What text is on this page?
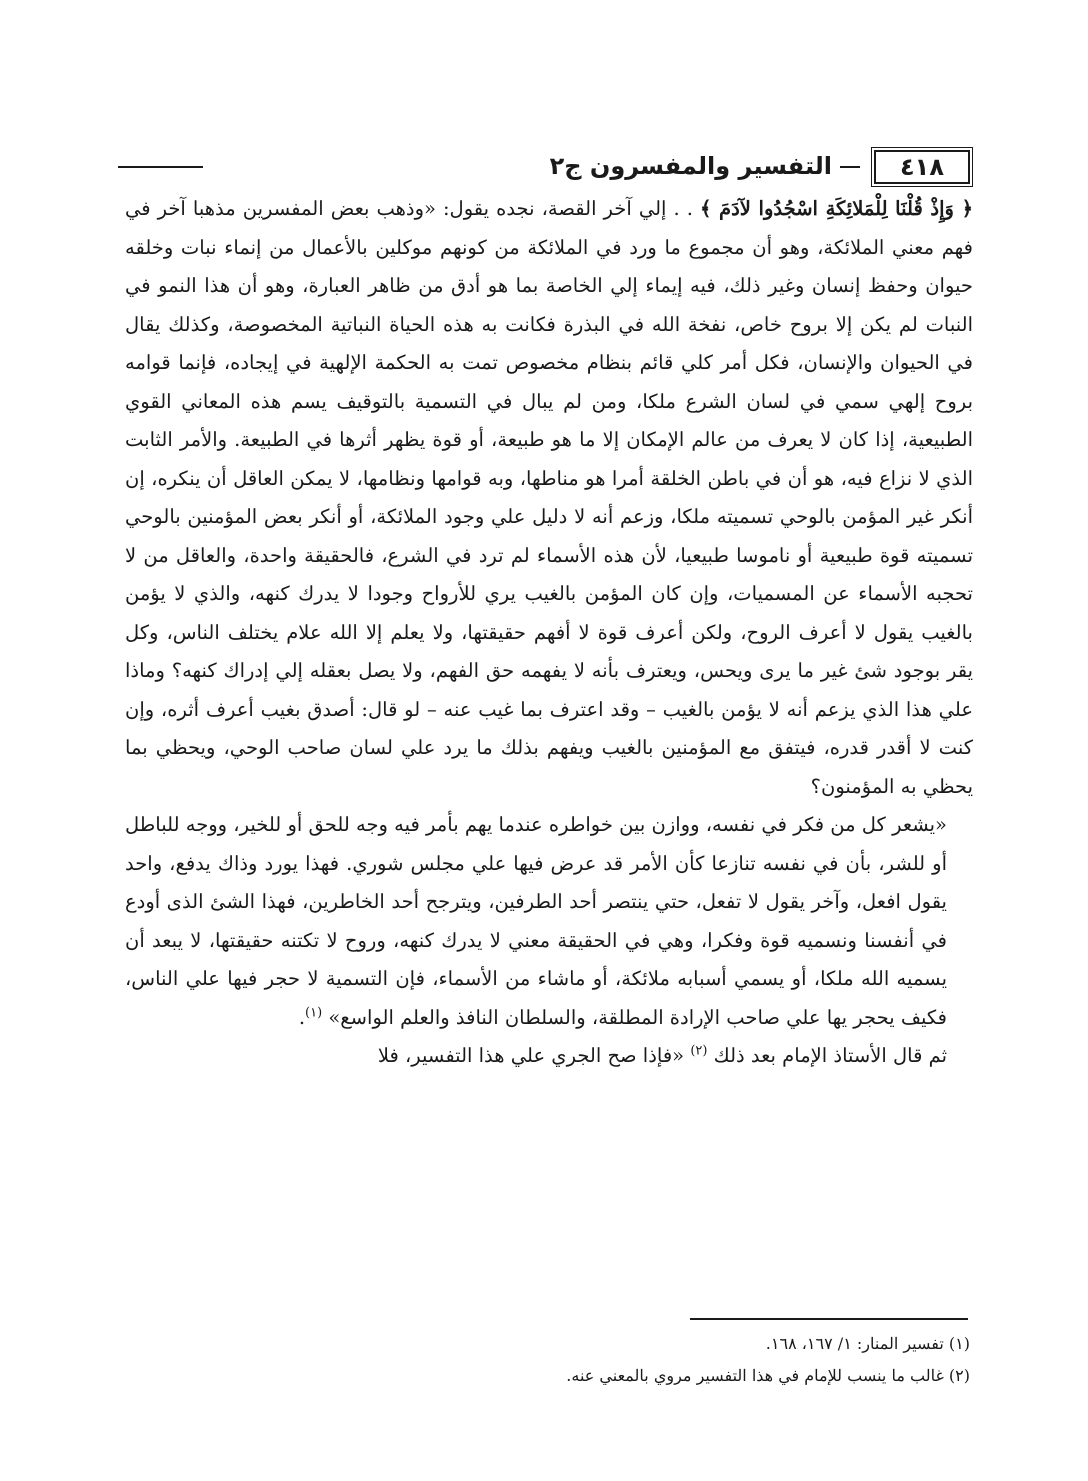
٤١٨
التفسير والمفسرون ج٢

﴿ وَإِذْ قُلْنَا لِلْمَلائِكَةِ اسْجُدُوا لآدَمَ ﴾ . . إلي آخر القصة، نجده يقول: «وذهب بعض المفسرين مذهبا آخر في فهم معني الملائكة، وهو أن مجموع ما ورد في الملائكة من كونهم موكلين بالأعمال من إنماء نبات وخلقه حيوان وحفظ إنسان وغير ذلك، فيه إيماء إلي الخاصة بما هو أدق من ظاهر العبارة، وهو أن هذا النمو في النبات لم يكن إلا بروح خاص، نفخة الله في البذرة فكانت به هذه الحياة النباتية المخصوصة، وكذلك يقال في الحيوان والإنسان، فكل أمر كلي قائم بنظام مخصوص تمت به الحكمة الإلهية في إيجاده، فإنما قوامه بروح إلهي سمي في لسان الشرع ملكا، ومن لم يبال في التسمية بالتوقيف يسم هذه المعاني القوي الطبيعية، إذا كان لا يعرف من عالم الإمكان إلا ما هو طبيعة، أو قوة يظهر أثرها في الطبيعة. والأمر الثابت الذي لا نزاع فيه، هو أن في باطن الخلقة أمرا هو مناطها، وبه قوامها ونظامها، لا يمكن العاقل أن ينكره، إن أنكر غير المؤمن بالوحي تسميته ملكا، وزعم أنه لا دليل علي وجود الملائكة، أو أنكر بعض المؤمنين بالوحي تسميته قوة طبيعية أو ناموسا طبيعيا، لأن هذه الأسماء لم ترد في الشرع، فالحقيقة واحدة، والعاقل من لا تحجبه الأسماء عن المسميات، وإن كان المؤمن بالغيب يري للأرواح وجودا لا يدرك كنهه، والذي لا يؤمن بالغيب يقول لا أعرف الروح، ولكن أعرف قوة لا أفهم حقيقتها، ولا يعلم إلا الله علام يختلف الناس، وكل يقر بوجود شئ غير ما يرى ويحس، ويعترف بأنه لا يفهمه حق الفهم، ولا يصل بعقله إلي إدراك كنهه؟ وماذا علي هذا الذي يزعم أنه لا يؤمن بالغيب – وقد اعترف بما غيب عنه – لو قال: أصدق بغيب أعرف أثره، وإن كنت لا أقدر قدره، فيتفق مع المؤمنين بالغيب ويفهم بذلك ما يرد علي لسان صاحب الوحي، ويحظي بما يحظي به المؤمنون؟

«يشعر كل من فكر في نفسه، ووازن بين خواطره عندما يهم بأمر فيه وجه للحق أو للخير، ووجه للباطل أو للشر، بأن في نفسه تنازعا كأن الأمر قد عرض فيها علي مجلس شوري. فهذا يورد وذاك يدفع، واحد يقول افعل، وآخر يقول لا تفعل، حتي ينتصر أحد الطرفين، ويترجح أحد الخاطرين، فهذا الشئ الذى أودع في أنفسنا ونسميه قوة وفكرا، وهي في الحقيقة معني لا يدرك كنهه، وروح لا تكتنه حقيقتها، لا يبعد أن يسميه الله ملكا، أو يسمي أسبابه ملائكة، أو ماشاء من الأسماء، فإن التسمية لا حجر فيها علي الناس، فكيف يحجر يها علي صاحب الإرادة المطلقة، والسلطان النافذ والعلم الواسع» $^{(١)}$.

ثم قال الأستاذ الإمام بعد ذلك $^{(٢)}$ «فإذا صح الجري علي هذا التفسير، فلا

(١) تفسير المنار: ١/ ١٦٧، ١٦٨.
(٢) غالب ما ينسب للإمام في هذا التفسير مروي بالمعني عنه.
